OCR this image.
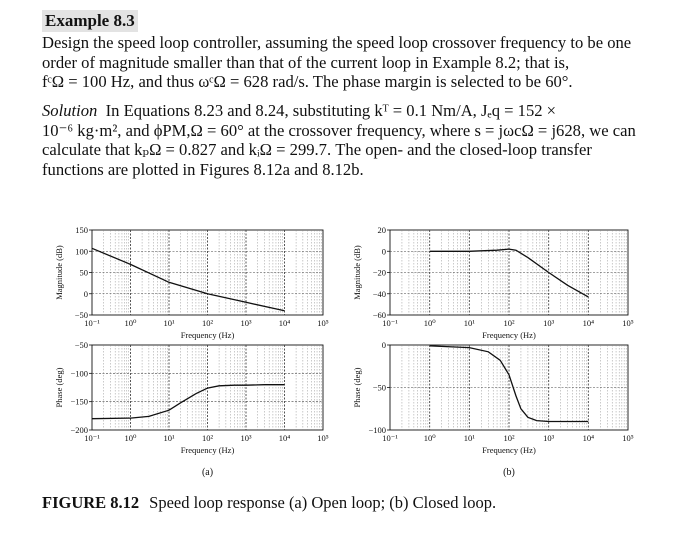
Example 8.3
Design the speed loop controller, assuming the speed loop crossover frequency to be one
order of magnitude smaller than that of the current loop in Example 8.2; that is,
fᶜΩ = 100 Hz, and thus ωᶜΩ = 628 rad/s. The phase margin is selected to be 60°.
Solution In Equations 8.23 and 8.24, substituting kᵀ = 0.1 Nm/A, Jₑq = 152 ×
10⁻⁶ kg·m², and ϕPM,Ω = 60° at the crossover frequency, where s = jωcΩ = j628, we can
calculate that kₚΩ = 0.827 and kᵢΩ = 299.7. The open- and the closed-loop transfer
functions are plotted in Figures 8.12a and 8.12b.
150
100
50
0
−50
10⁻¹	10⁰	10¹	10²	10³	10⁴	10⁵
Frequency (Hz)
Magnitude (dB)
−50
−100
−150
−200
10⁻¹	10⁰	10¹	10²	10³	10⁴	10⁵
Frequency (Hz)
Phase (deg)
20
0
−20
−40
−60
10⁻¹	10⁰	10¹	10²	10³	10⁴	10⁵
Frequency (Hz)
Magnitude (dB)
0
−50
−100
10⁻¹	10⁰	10¹	10²	10³	10⁴	10⁵
Frequency (Hz)
Phase (deg)
(a)	(b)
FIGURE 8.12 Speed loop response (a) Open loop; (b) Closed loop.
